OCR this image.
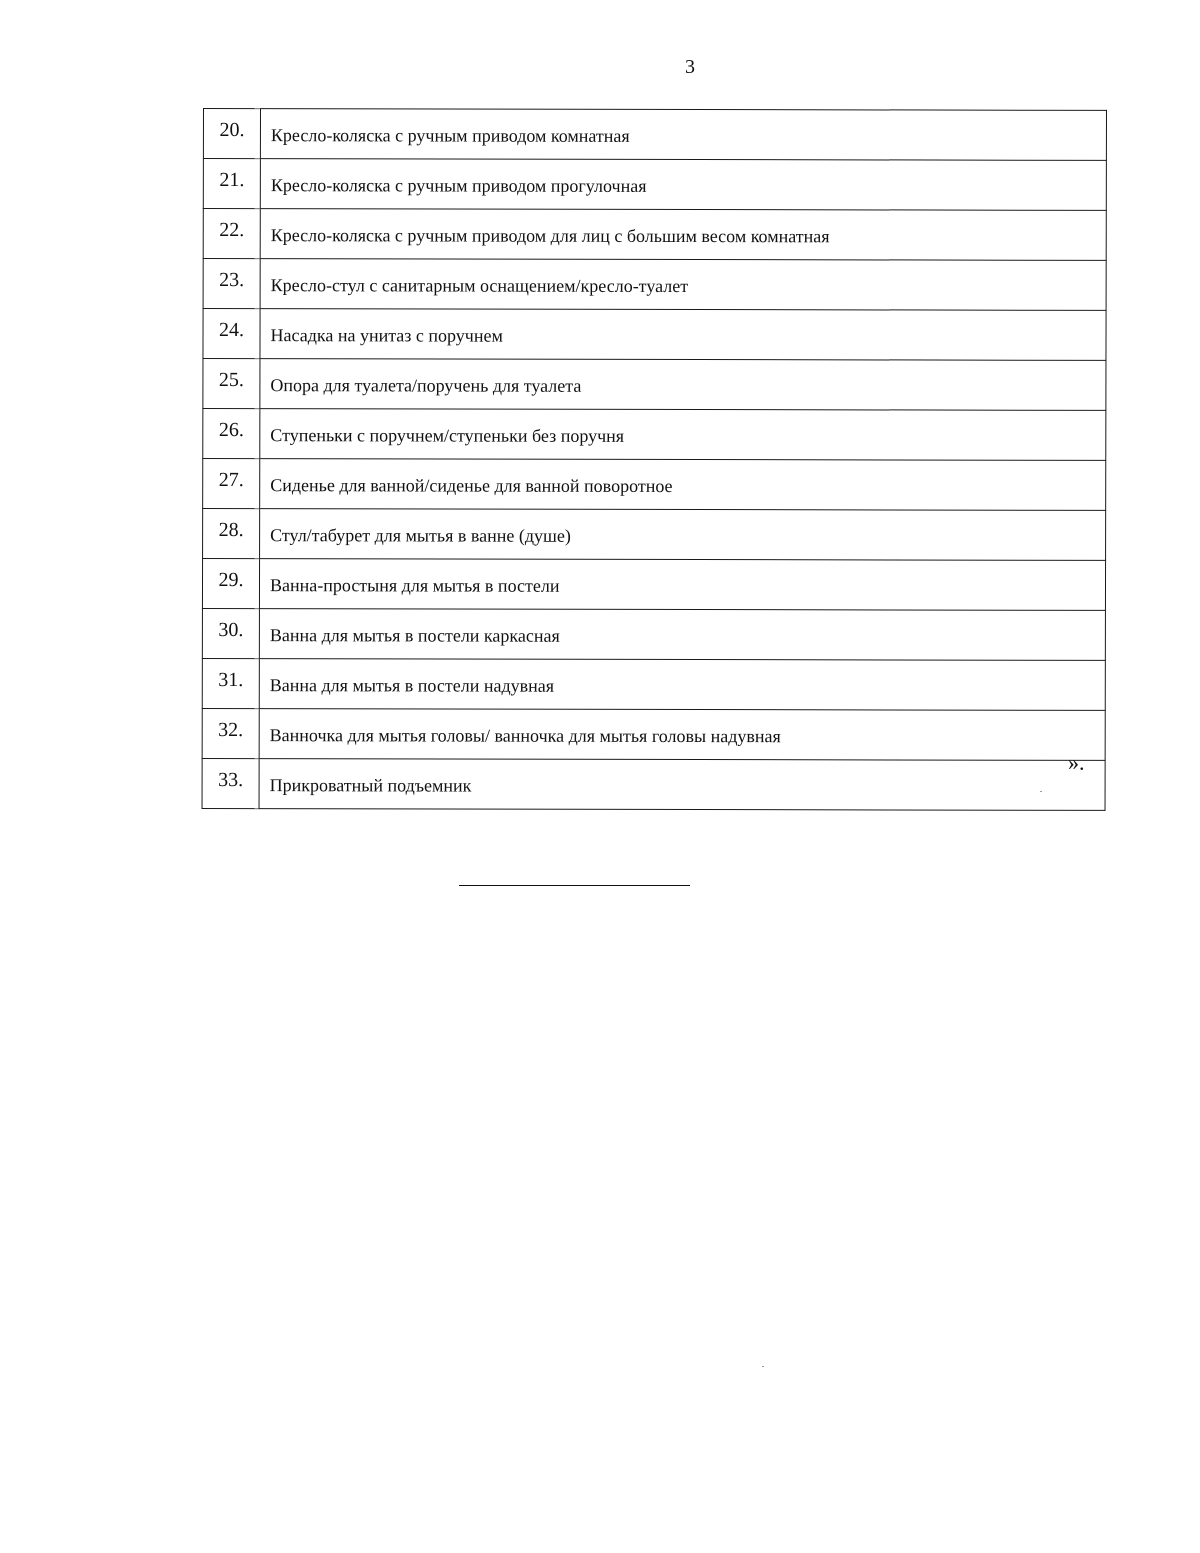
3
20.	Кресло-коляска с ручным приводом комнатная
21.	Кресло-коляска с ручным приводом прогулочная
22.	Кресло-коляска с ручным приводом для лиц с большим весом комнатная
23.	Кресло-стул с санитарным оснащением/кресло-туалет
24.	Насадка на унитаз с поручнем
25.	Опора для туалета/поручень для туалета
26.	Ступеньки с поручнем/ступеньки без поручня
27.	Сиденье для ванной/сиденье для ванной поворотное
28.	Стул/табурет для мытья в ванне (душе)
29.	Ванна-простыня для мытья в постели
30.	Ванна для мытья в постели каркасная
31.	Ванна для мытья в постели надувная
32.	Ванночка для мытья головы/ ванночка для мытья головы надувная
33.	Прикроватный подъемник
».
